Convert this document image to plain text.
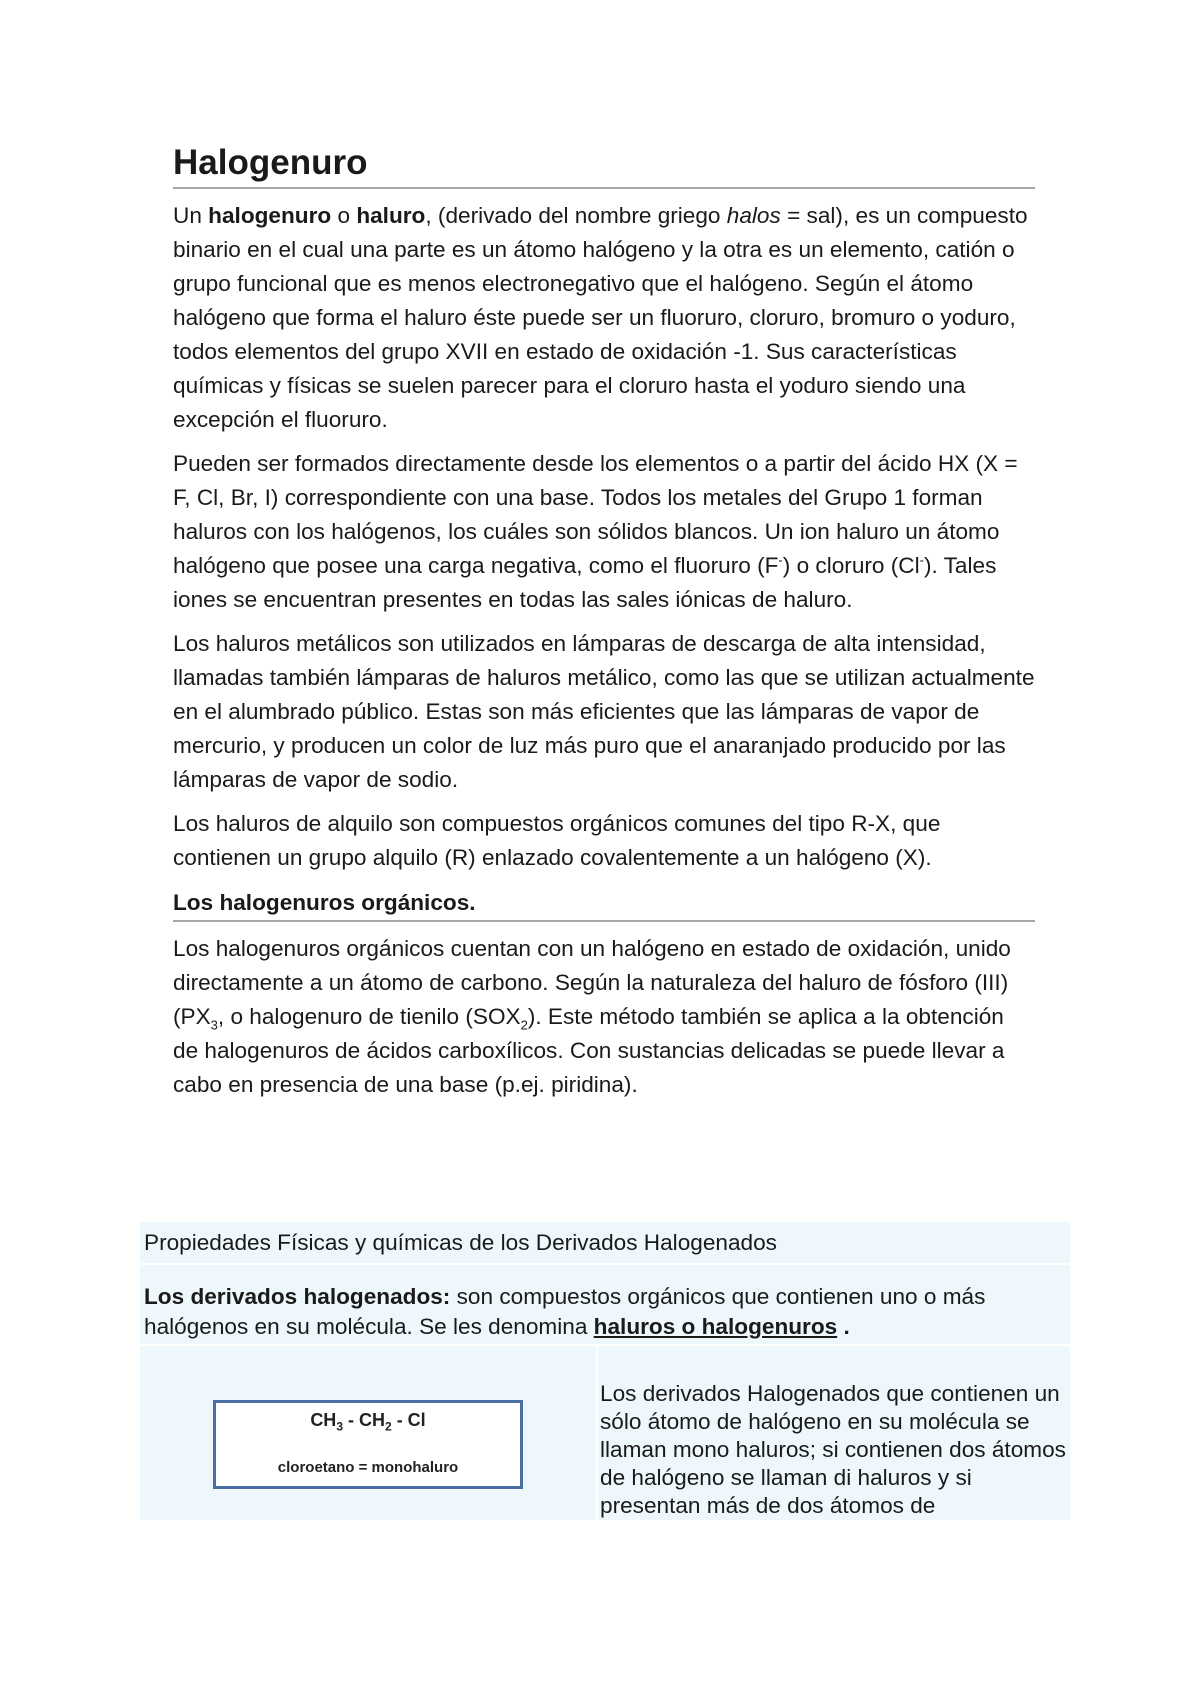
Halogenuro

Un halogenuro o haluro, (derivado del nombre griego halos = sal), es un compuesto binario en el cual una parte es un átomo halógeno y la otra es un elemento, catión o grupo funcional que es menos electronegativo que el halógeno. Según el átomo halógeno que forma el haluro éste puede ser un fluoruro, cloruro, bromuro o yoduro, todos elementos del grupo XVII en estado de oxidación -1. Sus características químicas y físicas se suelen parecer para el cloruro hasta el yoduro siendo una excepción el fluoruro.

Pueden ser formados directamente desde los elementos o a partir del ácido HX (X = F, Cl, Br, I) correspondiente con una base. Todos los metales del Grupo 1 forman haluros con los halógenos, los cuáles son sólidos blancos. Un ion haluro un átomo halógeno que posee una carga negativa, como el fluoruro (F-) o cloruro (Cl-). Tales iones se encuentran presentes en todas las sales iónicas de haluro.

Los haluros metálicos son utilizados en lámparas de descarga de alta intensidad, llamadas también lámparas de haluros metálico, como las que se utilizan actualmente en el alumbrado público. Estas son más eficientes que las lámparas de vapor de mercurio, y producen un color de luz más puro que el anaranjado producido por las lámparas de vapor de sodio.

Los haluros de alquilo son compuestos orgánicos comunes del tipo R-X, que contienen un grupo alquilo (R) enlazado covalentemente a un halógeno (X).

Los halogenuros orgánicos.

Los halogenuros orgánicos cuentan con un halógeno en estado de oxidación, unido directamente a un átomo de carbono. Según la naturaleza del haluro de fósforo (III) ($PX_3$, o halogenuro de tienilo $(SOX_2)$. Este método también se aplica a la obtención de halogenuros de ácidos carboxílicos. Con sustancias delicadas se puede llevar a cabo en presencia de una base (p.ej. piridina).

Propiedades Físicas y químicas de los Derivados Halogenados
Los derivados halogenados: son compuestos orgánicos que contienen uno o más halógenos en su molécula. Se les denomina haluros o halogenuros .
$CH_3 - CH_2$ - Cl
cloroetano = monohaluro
Los derivados Halogenados que contienen un sólo átomo de halógeno en su molécula se llaman mono haluros; si contienen dos átomos de halógeno se llaman di haluros y si presentan más de dos átomos de
